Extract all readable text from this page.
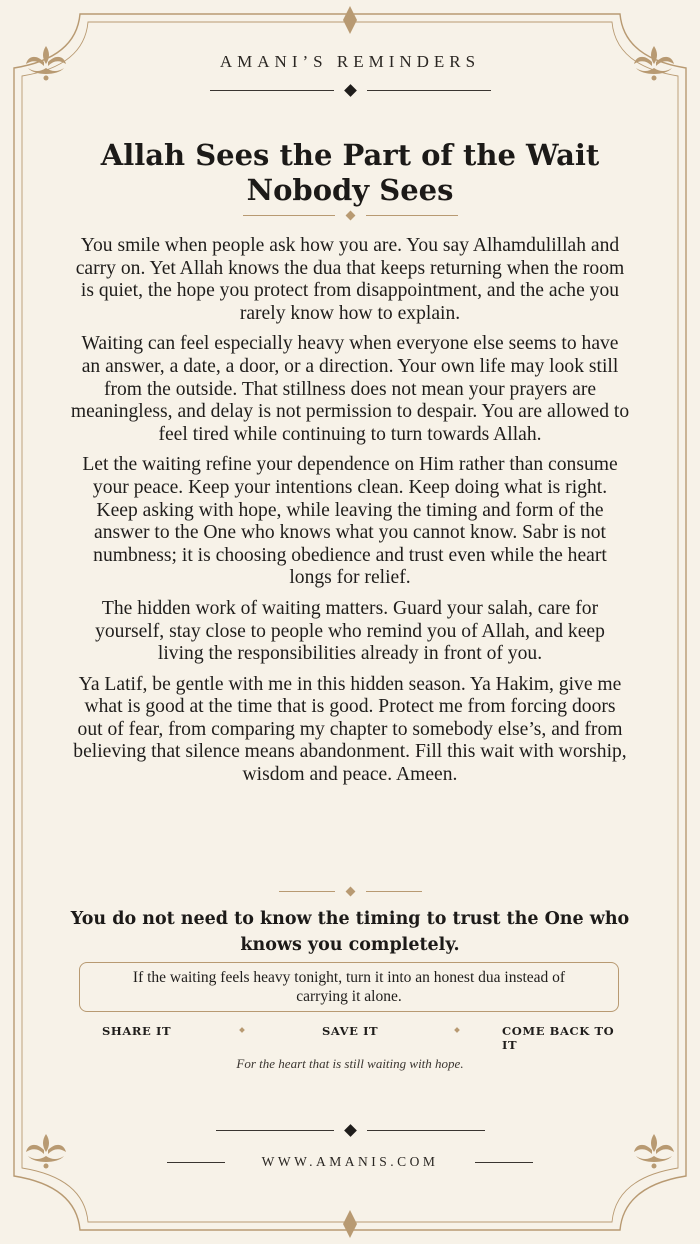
AMANI’S REMINDERS
Allah Sees the Part of the Wait
Nobody Sees

You smile when people ask how you are. You say Alhamdulillah and carry on. Yet Allah knows the dua that keeps returning when the room is quiet, the hope you protect from disappointment, and the ache you rarely know how to explain.

Waiting can feel especially heavy when everyone else seems to have an answer, a date, a door, or a direction. Your own life may look still from the outside. That stillness does not mean your prayers are meaningless, and delay is not permission to despair. You are allowed to feel tired while continuing to turn towards Allah.

Let the waiting refine your dependence on Him rather than consume your peace. Keep your intentions clean. Keep doing what is right. Keep asking with hope, while leaving the timing and form of the answer to the One who knows what you cannot know. Sabr is not numbness; it is choosing obedience and trust even while the heart longs for relief.

The hidden work of waiting matters. Guard your salah, care for yourself, stay close to people who remind you of Allah, and keep living the responsibilities already in front of you.

Ya Latif, be gentle with me in this hidden season. Ya Hakim, give me what is good at the time that is good. Protect me from forcing doors out of fear, from comparing my chapter to somebody else’s, and from believing that silence means abandonment. Fill this wait with worship, wisdom and peace. Ameen.

You do not need to know the timing to trust the One who knows you completely.
If the waiting feels heavy tonight, turn it into an honest dua instead of carrying it alone.
SHARE IT	SAVE IT	COME BACK TO IT
For the heart that is still waiting with hope.
WWW.AMANIS.COM
